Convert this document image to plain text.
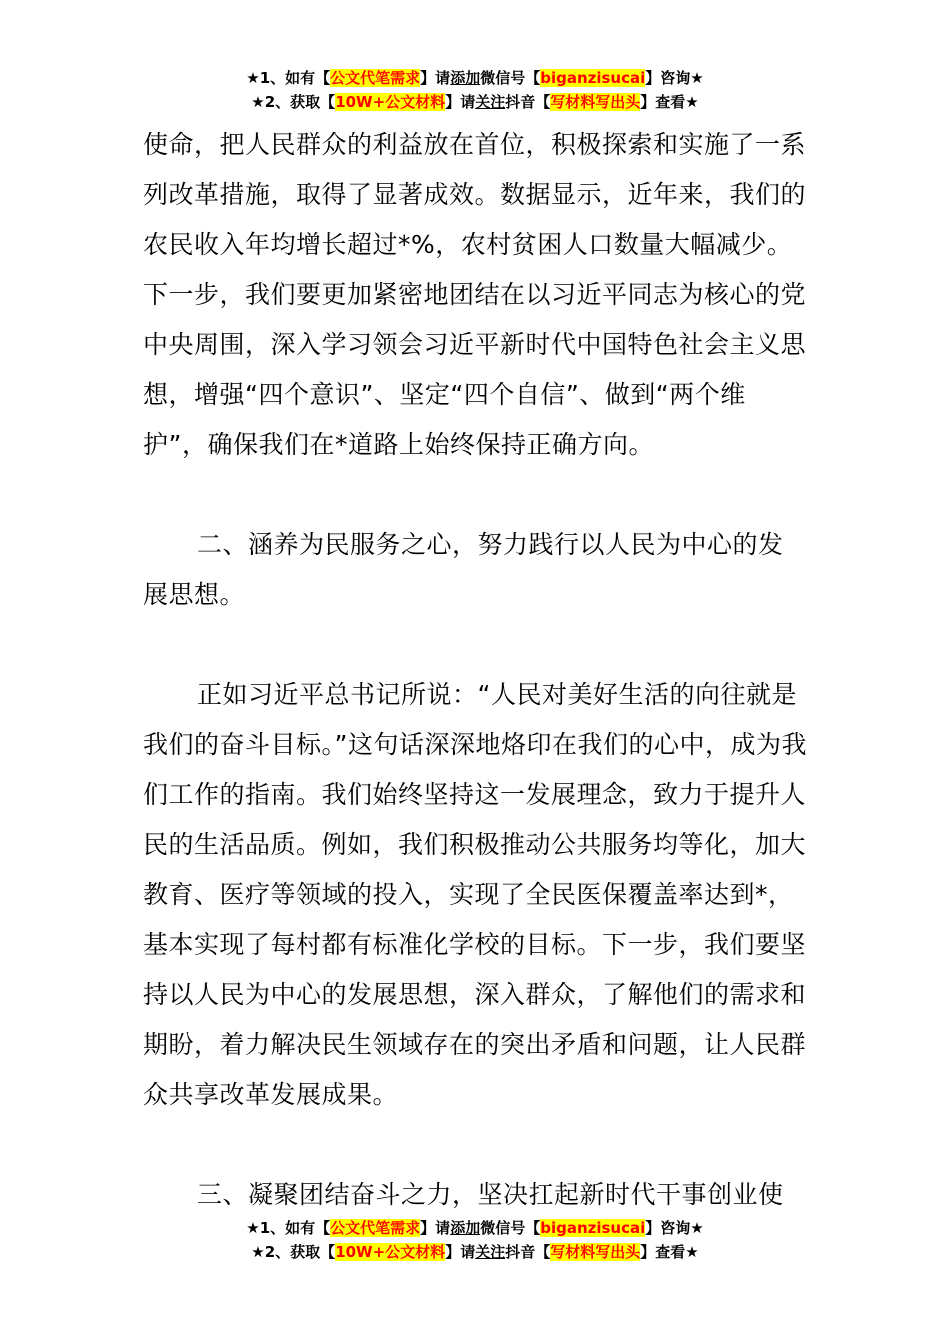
★1、如有【公文代笔需求】请添加微信号【biganzisucai】咨询★
★2、获取【10W+公文材料】请关注抖音【写材料写出头】查看★

使命，把人民群众的利益放在首位，积极探索和实施了一系列改革措施，取得了显著成效。数据显示，近年来，我们的农民收入年均增长超过*%，农村贫困人口数量大幅减少。下一步，我们要更加紧密地团结在以习近平同志为核心的党中央周围，深入学习领会习近平新时代中国特色社会主义思想，增强“四个意识”、坚定“四个自信”、做到“两个维护”，确保我们在*道路上始终保持正确方向。

二、涵养为民服务之心，努力践行以人民为中心的发展思想。

正如习近平总书记所说：“人民对美好生活的向往就是我们的奋斗目标。”这句话深深地烙印在我们的心中，成为我们工作的指南。我们始终坚持这一发展理念，致力于提升人民的生活品质。例如，我们积极推动公共服务均等化，加大教育、医疗等领域的投入，实现了全民医保覆盖率达到*，基本实现了每村都有标准化学校的目标。下一步，我们要坚持以人民为中心的发展思想，深入群众，了解他们的需求和期盼，着力解决民生领域存在的突出矛盾和问题，让人民群众共享改革发展成果。

三、凝聚团结奋斗之力，坚决扛起新时代干事创业使

★1、如有【公文代笔需求】请添加微信号【biganzisucai】咨询★
★2、获取【10W+公文材料】请关注抖音【写材料写出头】查看★
